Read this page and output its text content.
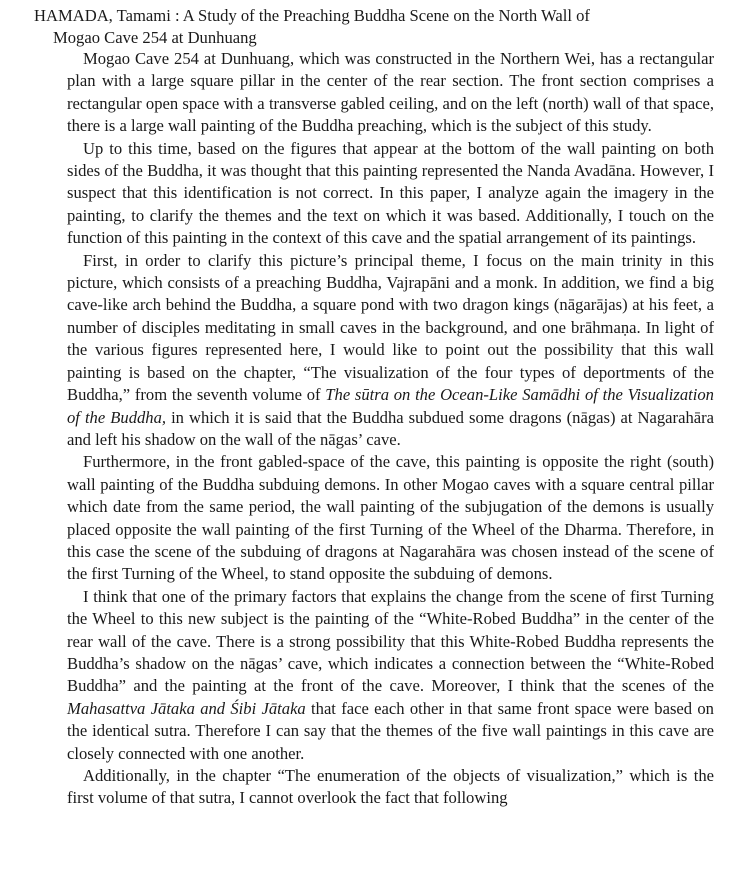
HAMADA, Tamami : A Study of the Preaching Buddha Scene on the North Wall of
Mogao Cave 254 at Dunhuang

Mogao Cave 254 at Dunhuang, which was constructed in the Northern Wei, has a rectangular plan with a large square pillar in the center of the rear section. The front section comprises a rectangular open space with a transverse gabled ceiling, and on the left (north) wall of that space, there is a large wall painting of the Buddha preaching, which is the subject of this study.

Up to this time, based on the figures that appear at the bottom of the wall painting on both sides of the Buddha, it was thought that this painting represented the Nanda Avadāna. However, I suspect that this identification is not correct. In this paper, I analyze again the imagery in the painting, to clarify the themes and the text on which it was based. Additionally, I touch on the function of this painting in the context of this cave and the spatial arrangement of its paintings.

First, in order to clarify this picture’s principal theme, I focus on the main trinity in this picture, which consists of a preaching Buddha, Vajrapāni and a monk. In addition, we find a big cave-like arch behind the Buddha, a square pond with two dragon kings (nāgarājas) at his feet, a number of disciples meditating in small caves in the background, and one brāhmaṇa. In light of the various figures represented here, I would like to point out the possibility that this wall painting is based on the chapter, “The visualization of the four types of deportments of the Buddha,” from the seventh volume of The sūtra on the Ocean-Like Samādhi of the Visualization of the Buddha, in which it is said that the Buddha subdued some dragons (nāgas) at Nagarahāra and left his shadow on the wall of the nāgas’ cave.

Furthermore, in the front gabled-space of the cave, this painting is opposite the right (south) wall painting of the Buddha subduing demons. In other Mogao caves with a square central pillar which date from the same period, the wall painting of the subjugation of the demons is usually placed opposite the wall painting of the first Turning of the Wheel of the Dharma. Therefore, in this case the scene of the subduing of dragons at Nagarahāra was chosen instead of the scene of the first Turning of the Wheel, to stand opposite the subduing of demons.

I think that one of the primary factors that explains the change from the scene of first Turning the Wheel to this new subject is the painting of the “White-Robed Buddha” in the center of the rear wall of the cave. There is a strong possibility that this White-Robed Buddha represents the Buddha’s shadow on the nāgas’ cave, which indicates a connection between the “White-Robed Buddha” and the painting at the front of the cave. Moreover, I think that the scenes of the Mahasattva Jātaka and Śibi Jātaka that face each other in that same front space were based on the identical sutra. Therefore I can say that the themes of the five wall paintings in this cave are closely connected with one another.

Additionally, in the chapter “The enumeration of the objects of visualization,” which is the first volume of that sutra, I cannot overlook the fact that following
